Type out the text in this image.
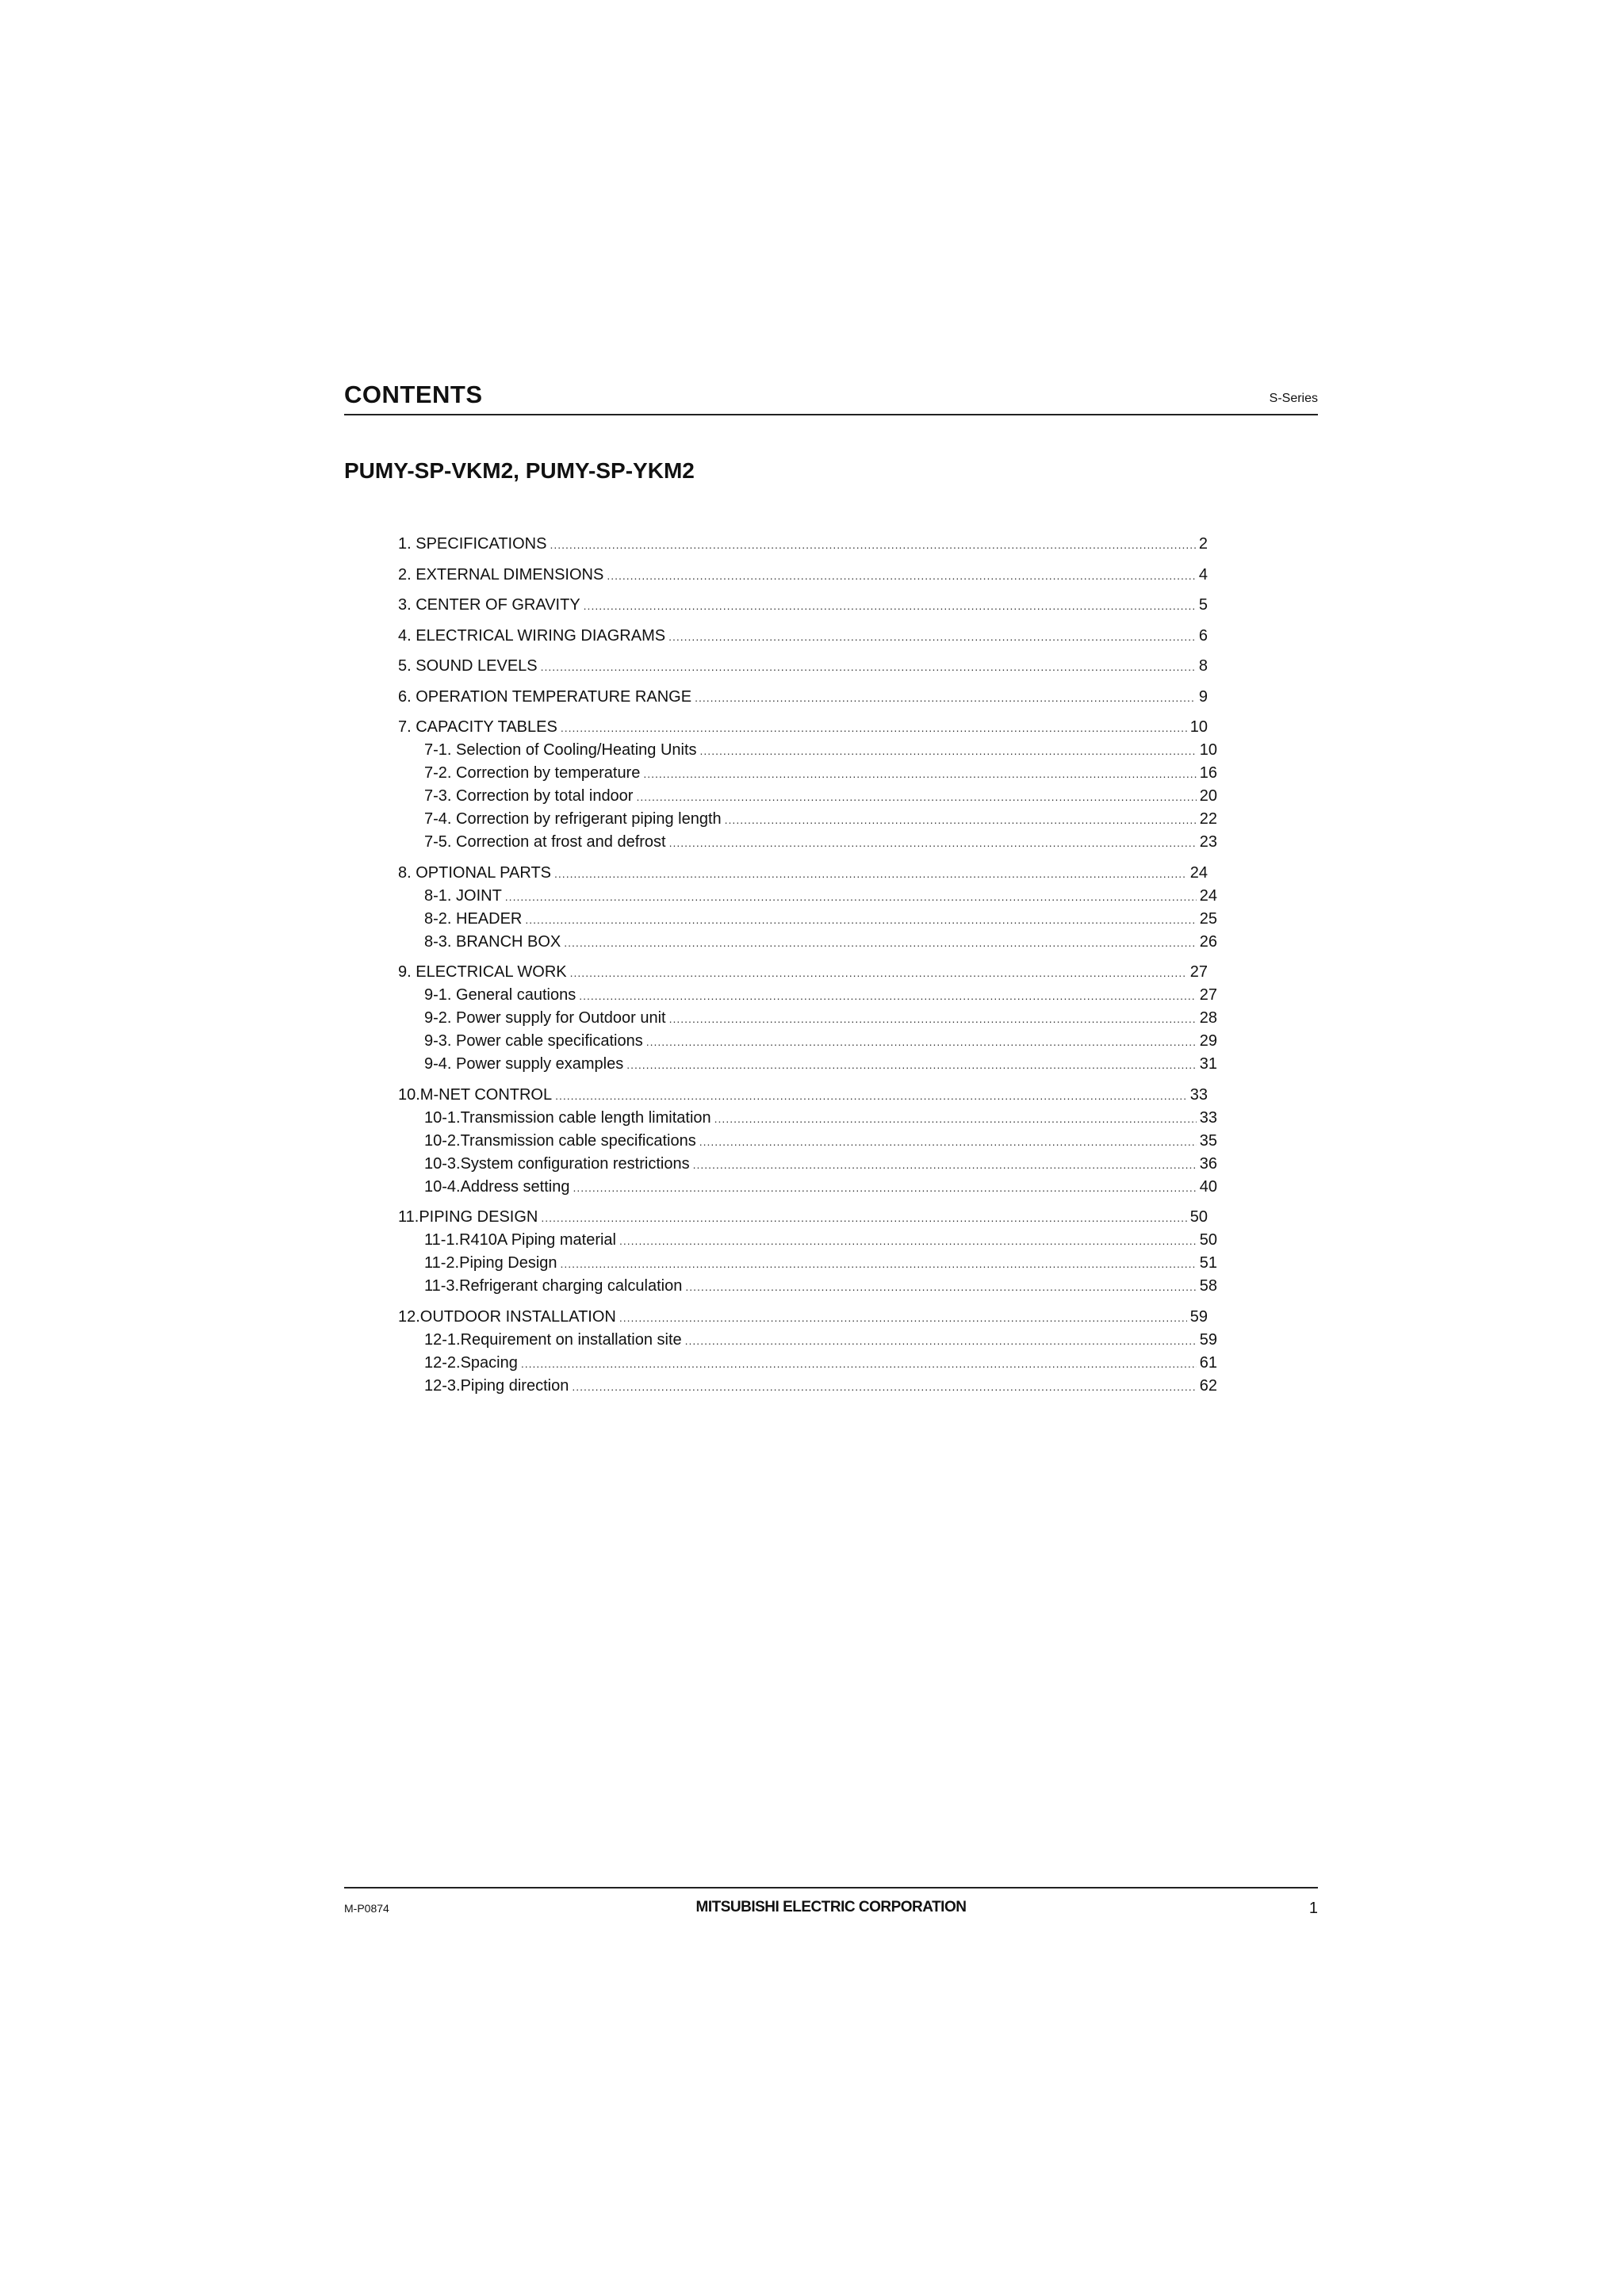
CONTENTS	S-Series
PUMY-SP-VKM2, PUMY-SP-YKM2
1. SPECIFICATIONS .....	2
2. EXTERNAL DIMENSIONS .....	4
3. CENTER OF GRAVITY .....	5
4. ELECTRICAL WIRING DIAGRAMS .....	6
5. SOUND LEVELS .....	8
6. OPERATION TEMPERATURE RANGE .....	9
7. CAPACITY TABLES .....	10
7-1. Selection of Cooling/Heating Units .....	10
7-2. Correction by temperature .....	16
7-3. Correction by total indoor .....	20
7-4. Correction by refrigerant piping length .....	22
7-5. Correction at frost and defrost .....	23
8. OPTIONAL PARTS .....	24
8-1. JOINT .....	24
8-2. HEADER .....	25
8-3. BRANCH BOX .....	26
9. ELECTRICAL WORK .....	27
9-1. General cautions .....	27
9-2. Power supply for Outdoor unit .....	28
9-3. Power cable specifications .....	29
9-4. Power supply examples .....	31
10.M-NET CONTROL .....	33
10-1.Transmission cable length limitation .....	33
10-2.Transmission cable specifications .....	35
10-3.System configuration restrictions .....	36
10-4.Address setting .....	40
11.PIPING DESIGN .....	50
11-1.R410A Piping material .....	50
11-2.Piping Design .....	51
11-3.Refrigerant charging calculation .....	58
12.OUTDOOR INSTALLATION .....	59
12-1.Requirement on installation site .....	59
12-2.Spacing .....	61
12-3.Piping direction .....	62
M-P0874	MITSUBISHI ELECTRIC CORPORATION	1
